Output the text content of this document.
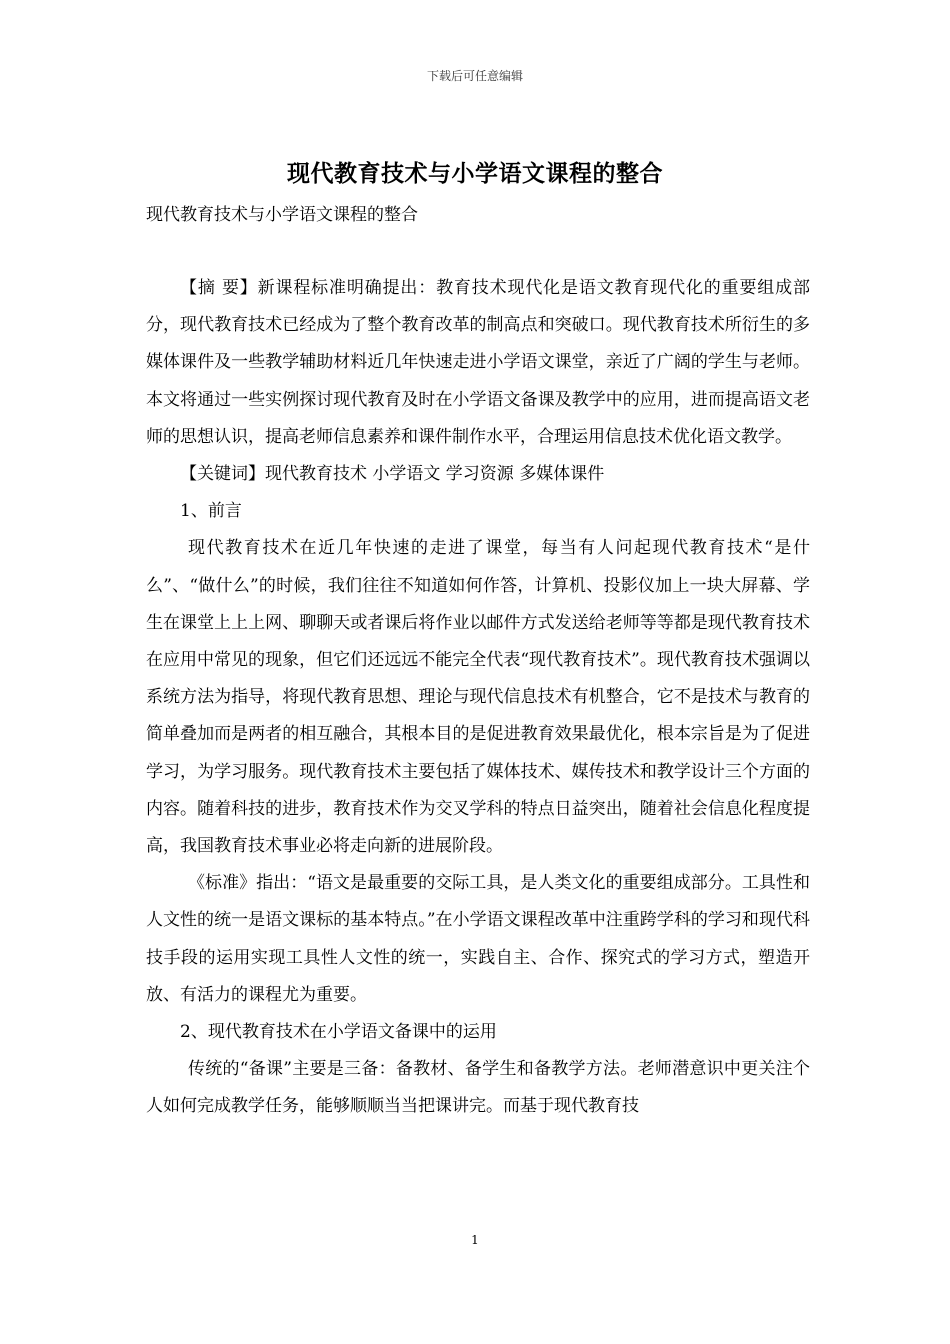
下载后可任意编辑
现代教育技术与小学语文课程的整合
现代教育技术与小学语文课程的整合

【摘 要】新课程标准明确提出：教育技术现代化是语文教育现代化的重要组成部分，现代教育技术已经成为了整个教育改革的制高点和突破口。现代教育技术所衍生的多媒体课件及一些教学辅助材料近几年快速走进小学语文课堂，亲近了广阔的学生与老师。本文将通过一些实例探讨现代教育及时在小学语文备课及教学中的应用，进而提高语文老师的思想认识，提高老师信息素养和课件制作水平，合理运用信息技术优化语文教学。

【关键词】现代教育技术 小学语文 学习资源 多媒体课件

1、前言

现代教育技术在近几年快速的走进了课堂，每当有人问起现代教育技术“是什么”、“做什么”的时候，我们往往不知道如何作答，计算机、投影仪加上一块大屏幕、学生在课堂上上上网、聊聊天或者课后将作业以邮件方式发送给老师等等都是现代教育技术在应用中常见的现象，但它们还远远不能完全代表“现代教育技术”。现代教育技术强调以系统方法为指导，将现代教育思想、理论与现代信息技术有机整合，它不是技术与教育的简单叠加而是两者的相互融合，其根本目的是促进教育效果最优化，根本宗旨是为了促进学习，为学习服务。现代教育技术主要包括了媒体技术、媒传技术和教学设计三个方面的内容。随着科技的进步，教育技术作为交叉学科的特点日益突出，随着社会信息化程度提高，我国教育技术事业必将走向新的进展阶段。

《标准》指出：“语文是最重要的交际工具，是人类文化的重要组成部分。工具性和人文性的统一是语文课标的基本特点。”在小学语文课程改革中注重跨学科的学习和现代科技手段的运用实现工具性人文性的统一，实践自主、合作、探究式的学习方式，塑造开放、有活力的课程尤为重要。

2、现代教育技术在小学语文备课中的运用

传统的“备课”主要是三备：备教材、备学生和备教学方法。老师潜意识中更关注个人如何完成教学任务，能够顺顺当当把课讲完。而基于现代教育技

1
